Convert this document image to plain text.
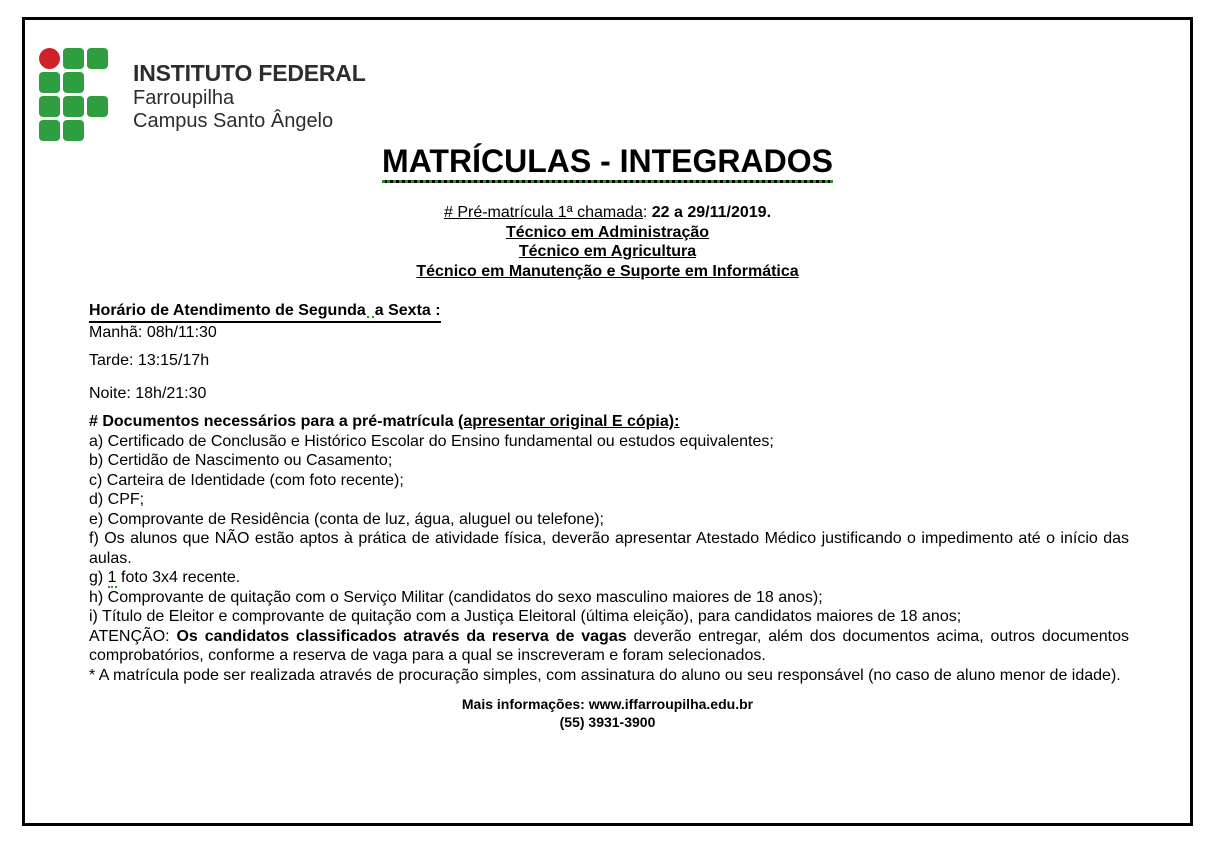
INSTITUTO FEDERAL
Farroupilha
Campus Santo Ângelo
MATRÍCULAS - INTEGRADOS
# Pré-matrícula 1ª chamada: 22 a 29/11/2019.
Técnico em Administração
Técnico em Agricultura
Técnico em Manutenção e Suporte em Informática
Horário de Atendimento de Segunda a Sexta :
Manhã: 08h/11:30
Tarde: 13:15/17h
Noite: 18h/21:30
# Documentos necessários para a pré-matrícula (apresentar original E cópia):
a) Certificado de Conclusão e Histórico Escolar do Ensino fundamental ou estudos equivalentes;
b) Certidão de Nascimento ou Casamento;
c) Carteira de Identidade (com foto recente);
d) CPF;
e) Comprovante de Residência (conta de luz, água, aluguel ou telefone);
f) Os alunos que NÃO estão aptos à prática de atividade física, deverão apresentar Atestado Médico justificando o impedimento até o início das aulas.
g) 1 foto 3x4 recente.
h) Comprovante de quitação com o Serviço Militar (candidatos do sexo masculino maiores de 18 anos);
i) Título de Eleitor e comprovante de quitação com a Justiça Eleitoral (última eleição), para candidatos maiores de 18 anos;
ATENÇÃO: Os candidatos classificados através da reserva de vagas deverão entregar, além dos documentos acima, outros documentos comprobatórios, conforme a reserva de vaga para a qual se inscreveram e foram selecionados.
* A matrícula pode ser realizada através de procuração simples, com assinatura do aluno ou seu responsável (no caso de aluno menor de idade).
Mais informações: www.iffarroupilha.edu.br
(55) 3931-3900
